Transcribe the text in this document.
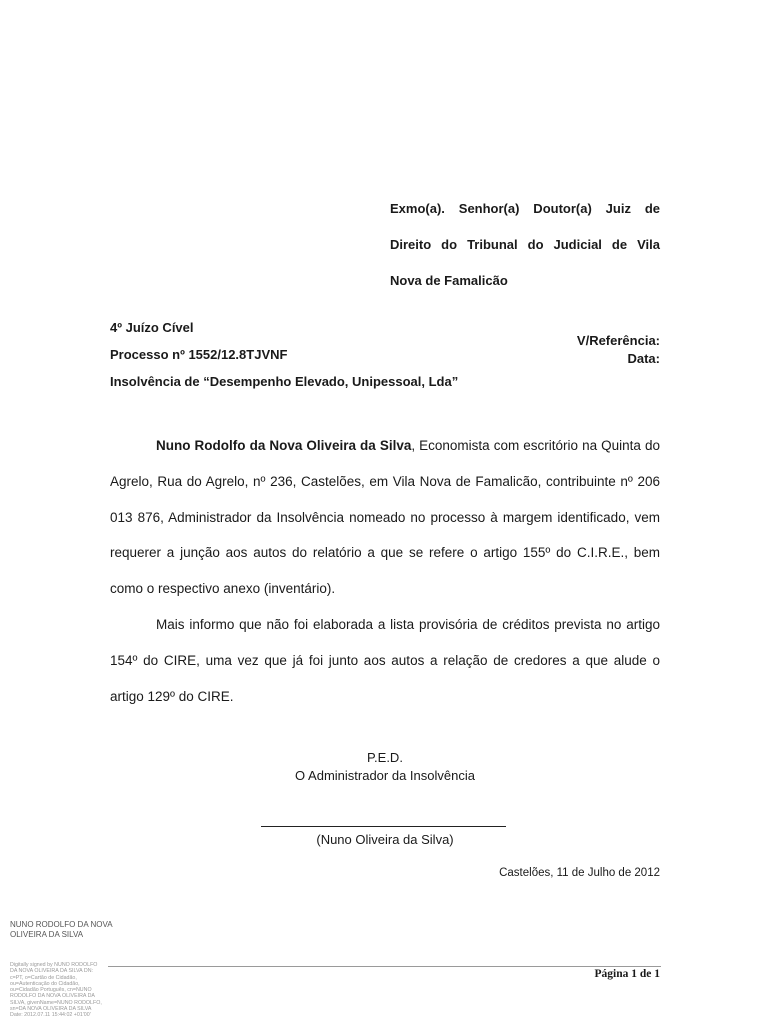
Exmo(a). Senhor(a) Doutor(a) Juiz de
Direito do Tribunal do Judicial de Vila
Nova de Famalicão
4º Juízo Cível
Processo nº 1552/12.8TJVNF
Insolvência de “Desempenho Elevado, Unipessoal, Lda”
V/Referência:
Data:

Nuno Rodolfo da Nova Oliveira da Silva, Economista com escritório na Quinta do Agrelo, Rua do Agrelo, nº 236, Castelões, em Vila Nova de Famalicão, contribuinte nº 206 013 876, Administrador da Insolvência nomeado no processo à margem identificado, vem requerer a junção aos autos do relatório a que se refere o artigo 155º do C.I.R.E., bem como o respectivo anexo (inventário).

Mais informo que não foi elaborada a lista provisória de créditos prevista no artigo 154º do CIRE, uma vez que já foi junto aos autos a relação de credores a que alude o artigo 129º do CIRE.

P.E.D.
O Administrador da Insolvência
(Nuno Oliveira da Silva)
Castelões, 11 de Julho de 2012
NUNO RODOLFO DA NOVA OLIVEIRA DA SILVA
Digitally signed by NUNO RODOLFO DA NOVA OLIVEIRA DA SILVA DN: c=PT, o=Cartão de Cidadão, ou=Autenticação do Cidadão, ou=Cidadão Português, cn=NUNO RODOLFO DA NOVA OLIVEIRA DA SILVA, givenName=NUNO RODOLFO, sn=DA NOVA OLIVEIRA DA SILVA Date: 2012.07.11 15:44:02 +01'00'
Página 1 de 1
